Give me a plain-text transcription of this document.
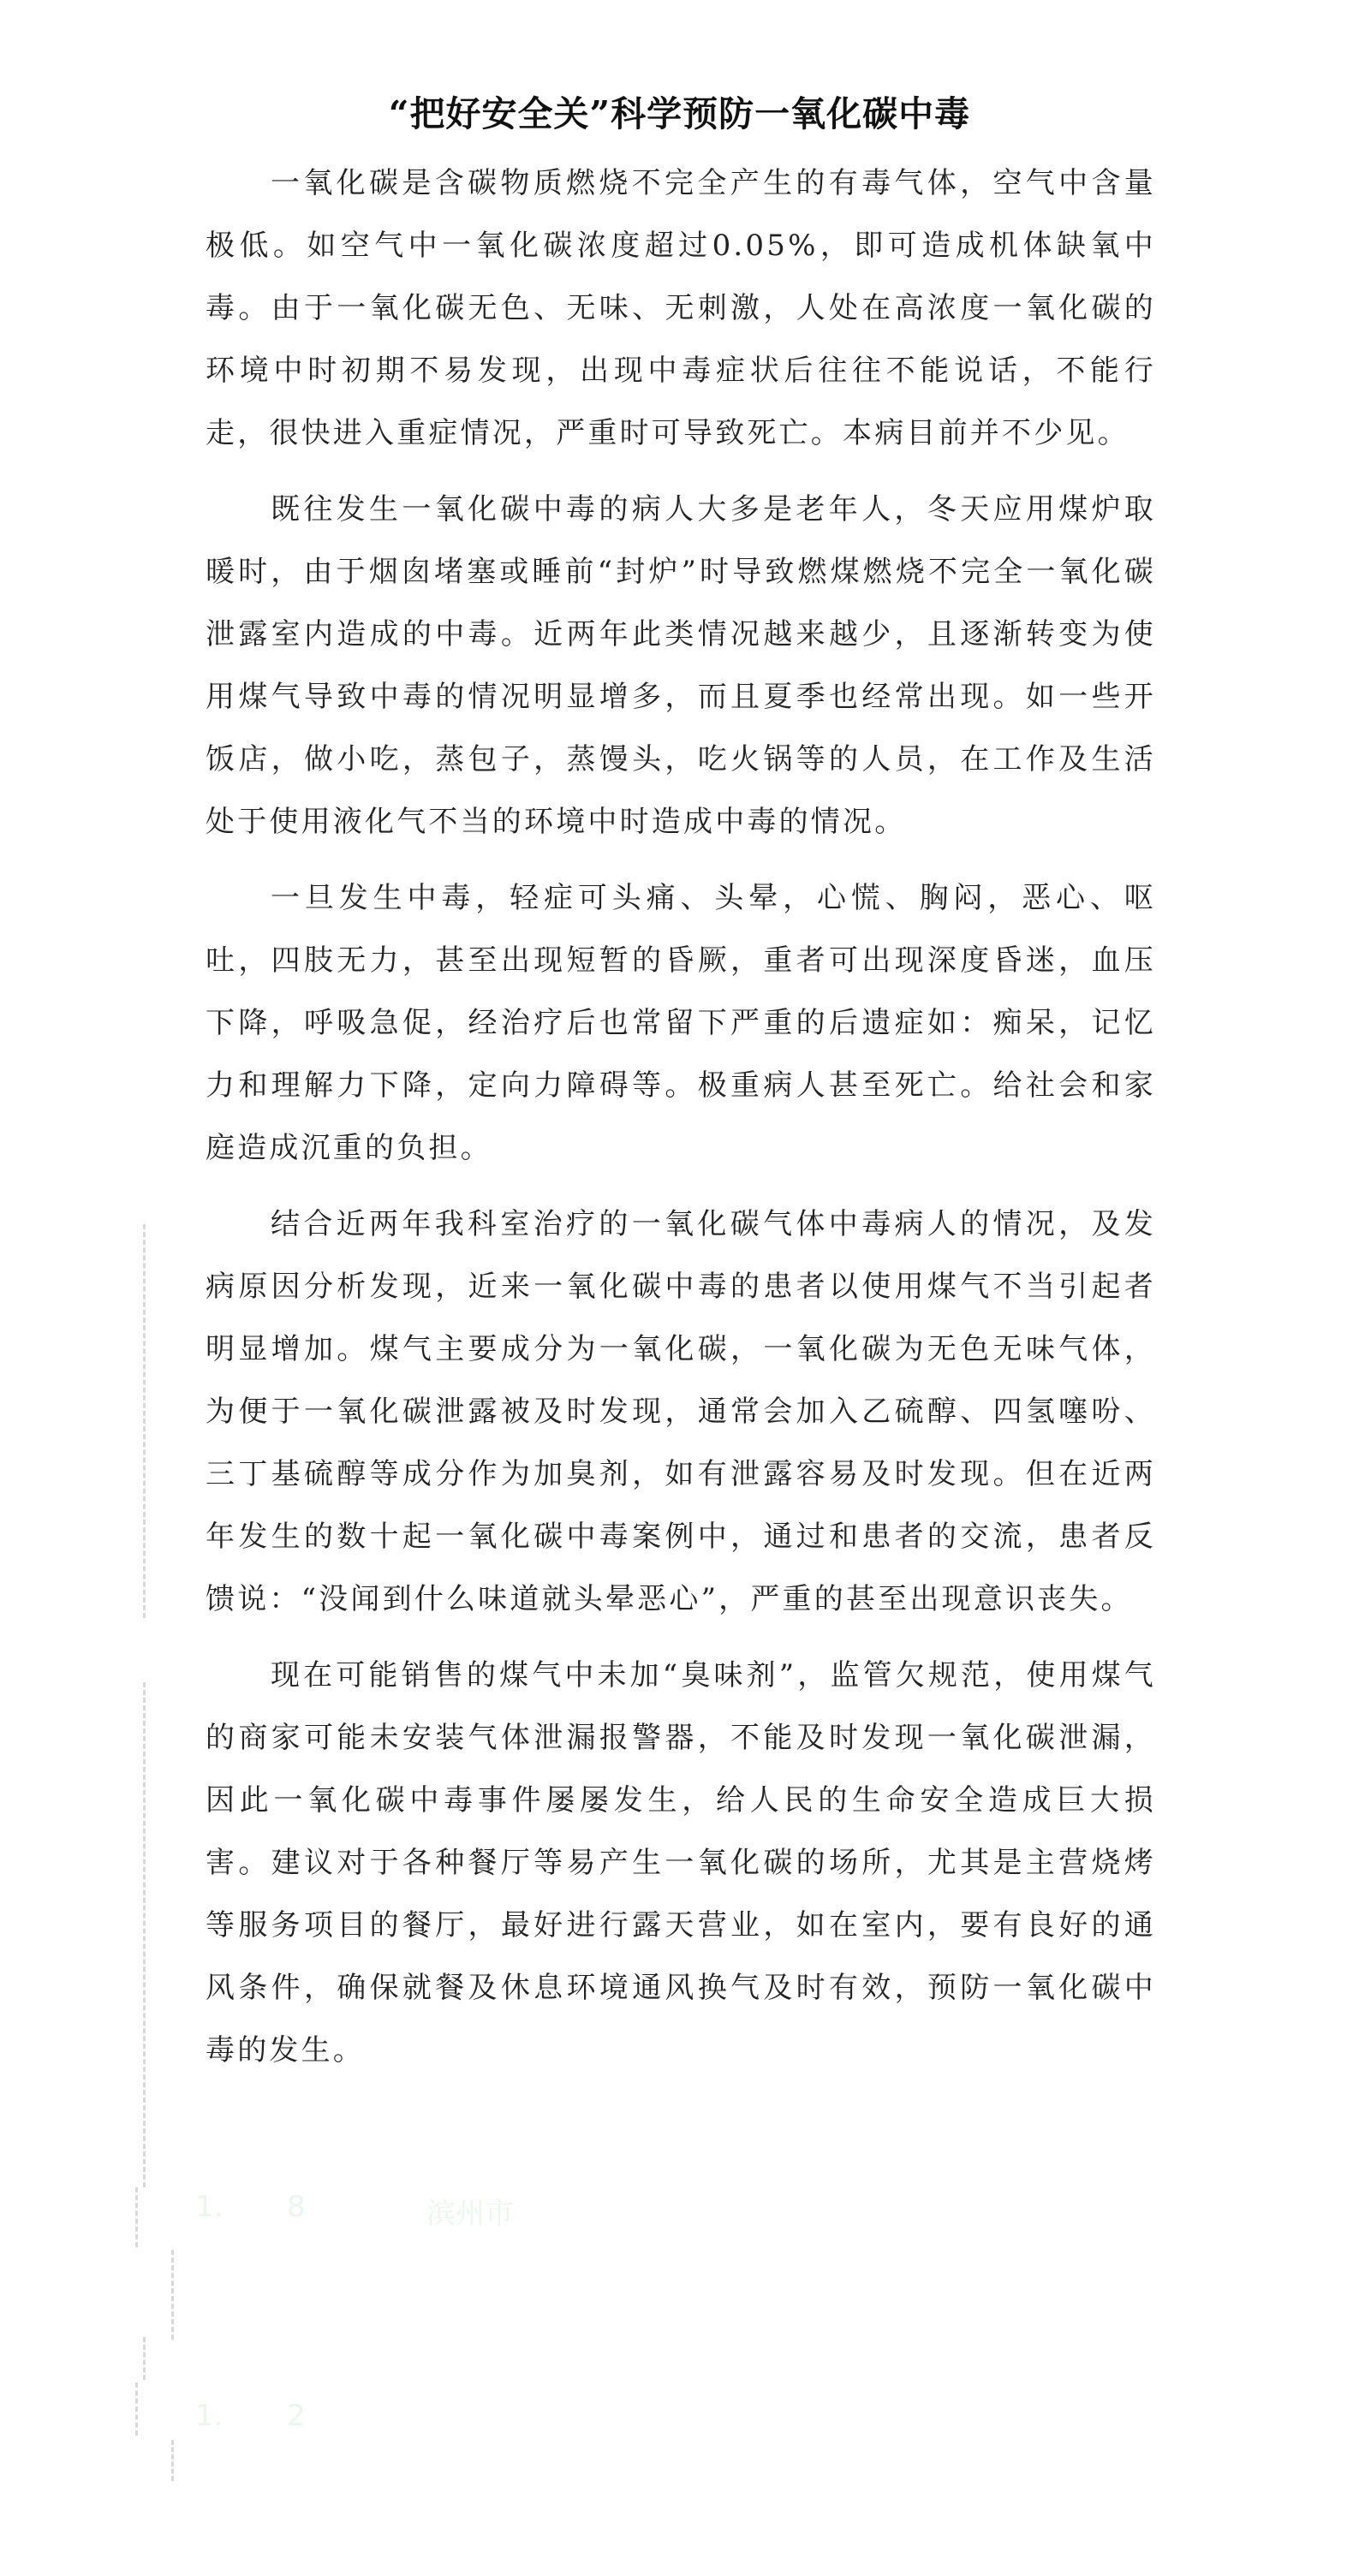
“把好安全关”科学预防一氧化碳中毒

一氧化碳是含碳物质燃烧不完全产生的有毒气体，空气中含量极低。如空气中一氧化碳浓度超过0.05%，即可造成机体缺氧中毒。由于一氧化碳无色、无味、无刺激，人处在高浓度一氧化碳的环境中时初期不易发现，出现中毒症状后往往不能说话，不能行走，很快进入重症情况，严重时可导致死亡。本病目前并不少见。

既往发生一氧化碳中毒的病人大多是老年人，冬天应用煤炉取暖时，由于烟囱堵塞或睡前“封炉”时导致燃煤燃烧不完全一氧化碳泄露室内造成的中毒。近两年此类情况越来越少，且逐渐转变为使用煤气导致中毒的情况明显增多，而且夏季也经常出现。如一些开饭店，做小吃，蒸包子，蒸馒头，吃火锅等的人员，在工作及生活处于使用液化气不当的环境中时造成中毒的情况。

一旦发生中毒，轻症可头痛、头晕，心慌、胸闷，恶心、呕吐，四肢无力，甚至出现短暂的昏厥，重者可出现深度昏迷，血压下降，呼吸急促，经治疗后也常留下严重的后遗症如：痴呆，记忆力和理解力下降，定向力障碍等。极重病人甚至死亡。给社会和家庭造成沉重的负担。

结合近两年我科室治疗的一氧化碳气体中毒病人的情况，及发病原因分析发现，近来一氧化碳中毒的患者以使用煤气不当引起者明显增加。煤气主要成分为一氧化碳，一氧化碳为无色无味气体，为便于一氧化碳泄露被及时发现，通常会加入乙硫醇、四氢噻吩、三丁基硫醇等成分作为加臭剂，如有泄露容易及时发现。但在近两年发生的数十起一氧化碳中毒案例中，通过和患者的交流，患者反馈说：“没闻到什么味道就头晕恶心”，严重的甚至出现意识丧失。

现在可能销售的煤气中未加“臭味剂”，监管欠规范，使用煤气的商家可能未安装气体泄漏报警器，不能及时发现一氧化碳泄漏，因此一氧化碳中毒事件屡屡发生，给人民的生命安全造成巨大损害。建议对于各种餐厅等易产生一氧化碳的场所，尤其是主营烧烤等服务项目的餐厅，最好进行露天营业，如在室内，要有良好的通风条件，确保就餐及休息环境通风换气及时有效，预防一氧化碳中毒的发生。

1. 8	滨州市
1. 2
